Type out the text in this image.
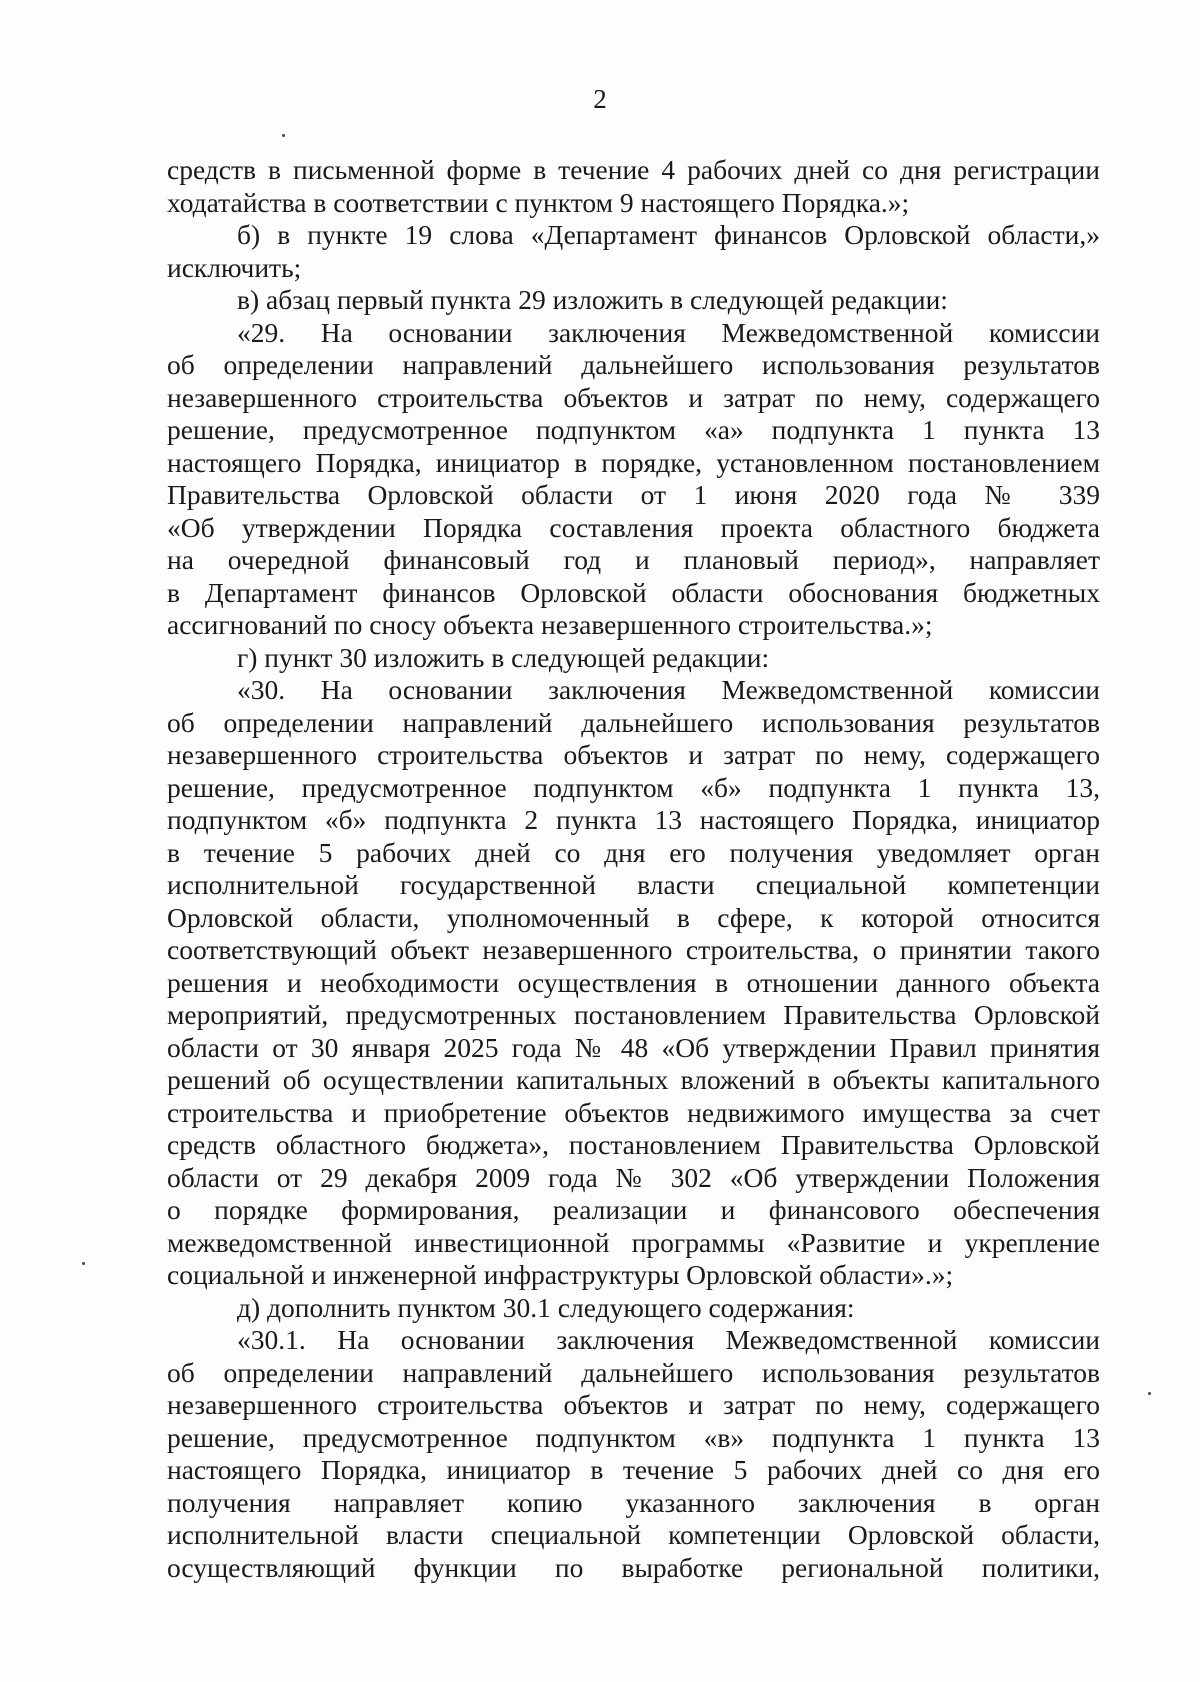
2
средств в письменной форме в течение 4 рабочих дней со дня регистрации
ходатайства в соответствии с пунктом 9 настоящего Порядка.»;
б) в пункте 19 слова «Департамент финансов Орловской области,»
исключить;
в) абзац первый пункта 29 изложить в следующей редакции:
«29. На основании заключения Межведомственной комиссии
об определении направлений дальнейшего использования результатов
незавершенного строительства объектов и затрат по нему, содержащего
решение, предусмотренное подпунктом «а» подпункта 1 пункта 13
настоящего Порядка, инициатор в порядке, установленном постановлением
Правительства Орловской области от 1 июня 2020 года № 339
«Об утверждении Порядка составления проекта областного бюджета
на очередной финансовый год и плановый период», направляет
в Департамент финансов Орловской области обоснования бюджетных
ассигнований по сносу объекта незавершенного строительства.»;
г) пункт 30 изложить в следующей редакции:
«30. На основании заключения Межведомственной комиссии
об определении направлений дальнейшего использования результатов
незавершенного строительства объектов и затрат по нему, содержащего
решение, предусмотренное подпунктом «б» подпункта 1 пункта 13,
подпунктом «б» подпункта 2 пункта 13 настоящего Порядка, инициатор
в течение 5 рабочих дней со дня его получения уведомляет орган
исполнительной государственной власти специальной компетенции
Орловской области, уполномоченный в сфере, к которой относится
соответствующий объект незавершенного строительства, о принятии такого
решения и необходимости осуществления в отношении данного объекта
мероприятий, предусмотренных постановлением Правительства Орловской
области от 30 января 2025 года № 48 «Об утверждении Правил принятия
решений об осуществлении капитальных вложений в объекты капитального
строительства и приобретение объектов недвижимого имущества за счет
средств областного бюджета», постановлением Правительства Орловской
области от 29 декабря 2009 года № 302 «Об утверждении Положения
о порядке формирования, реализации и финансового обеспечения
межведомственной инвестиционной программы «Развитие и укрепление
социальной и инженерной инфраструктуры Орловской области».»;
д) дополнить пунктом 30.1 следующего содержания:
«30.1. На основании заключения Межведомственной комиссии
об определении направлений дальнейшего использования результатов
незавершенного строительства объектов и затрат по нему, содержащего
решение, предусмотренное подпунктом «в» подпункта 1 пункта 13
настоящего Порядка, инициатор в течение 5 рабочих дней со дня его
получения направляет копию указанного заключения в орган
исполнительной власти специальной компетенции Орловской области,
осуществляющий функции по выработке региональной политики,
